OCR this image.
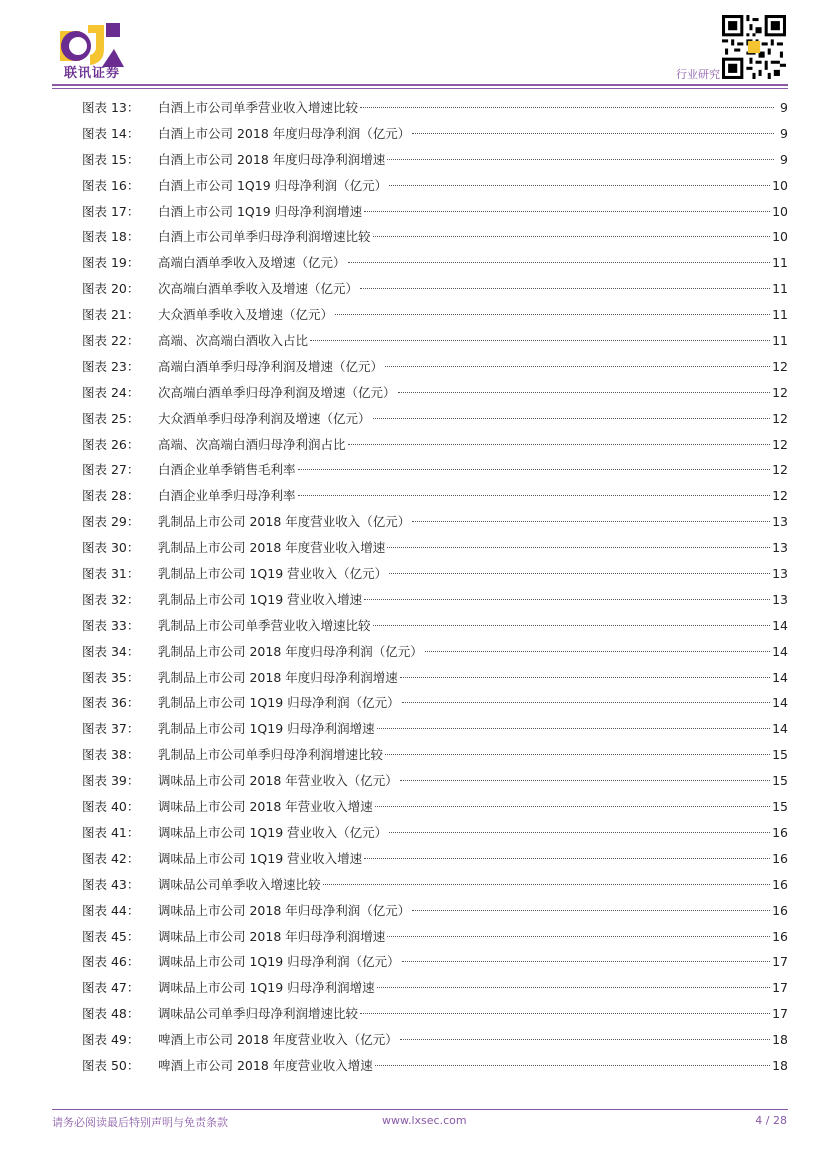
联讯证券	行业研究
图表 13：	白酒上市公司单季营业收入增速比较	9
图表 14：	白酒上市公司 2018 年度归母净利润（亿元）	9
图表 15：	白酒上市公司 2018 年度归母净利润增速	9
图表 16：	白酒上市公司 1Q19 归母净利润（亿元）	10
图表 17：	白酒上市公司 1Q19 归母净利润增速	10
图表 18：	白酒上市公司单季归母净利润增速比较	10
图表 19：	高端白酒单季收入及增速（亿元）	11
图表 20：	次高端白酒单季收入及增速（亿元）	11
图表 21：	大众酒单季收入及增速（亿元）	11
图表 22：	高端、次高端白酒收入占比	11
图表 23：	高端白酒单季归母净利润及增速（亿元）	12
图表 24：	次高端白酒单季归母净利润及增速（亿元）	12
图表 25：	大众酒单季归母净利润及增速（亿元）	12
图表 26：	高端、次高端白酒归母净利润占比	12
图表 27：	白酒企业单季销售毛利率	12
图表 28：	白酒企业单季归母净利率	12
图表 29：	乳制品上市公司 2018 年度营业收入（亿元）	13
图表 30：	乳制品上市公司 2018 年度营业收入增速	13
图表 31：	乳制品上市公司 1Q19 营业收入（亿元）	13
图表 32：	乳制品上市公司 1Q19 营业收入增速	13
图表 33：	乳制品上市公司单季营业收入增速比较	14
图表 34：	乳制品上市公司 2018 年度归母净利润（亿元）	14
图表 35：	乳制品上市公司 2018 年度归母净利润增速	14
图表 36：	乳制品上市公司 1Q19 归母净利润（亿元）	14
图表 37：	乳制品上市公司 1Q19 归母净利润增速	14
图表 38：	乳制品上市公司单季归母净利润增速比较	15
图表 39：	调味品上市公司 2018 年营业收入（亿元）	15
图表 40：	调味品上市公司 2018 年营业收入增速	15
图表 41：	调味品上市公司 1Q19 营业收入（亿元）	16
图表 42：	调味品上市公司 1Q19 营业收入增速	16
图表 43：	调味品公司单季收入增速比较	16
图表 44：	调味品上市公司 2018 年归母净利润（亿元）	16
图表 45：	调味品上市公司 2018 年归母净利润增速	16
图表 46：	调味品上市公司 1Q19 归母净利润（亿元）	17
图表 47：	调味品上市公司 1Q19 归母净利润增速	17
图表 48：	调味品公司单季归母净利润增速比较	17
图表 49：	啤酒上市公司 2018 年度营业收入（亿元）	18
图表 50：	啤酒上市公司 2018 年度营业收入增速	18
请务必阅读最后特别声明与免责条款	www.lxsec.com	4 / 28
